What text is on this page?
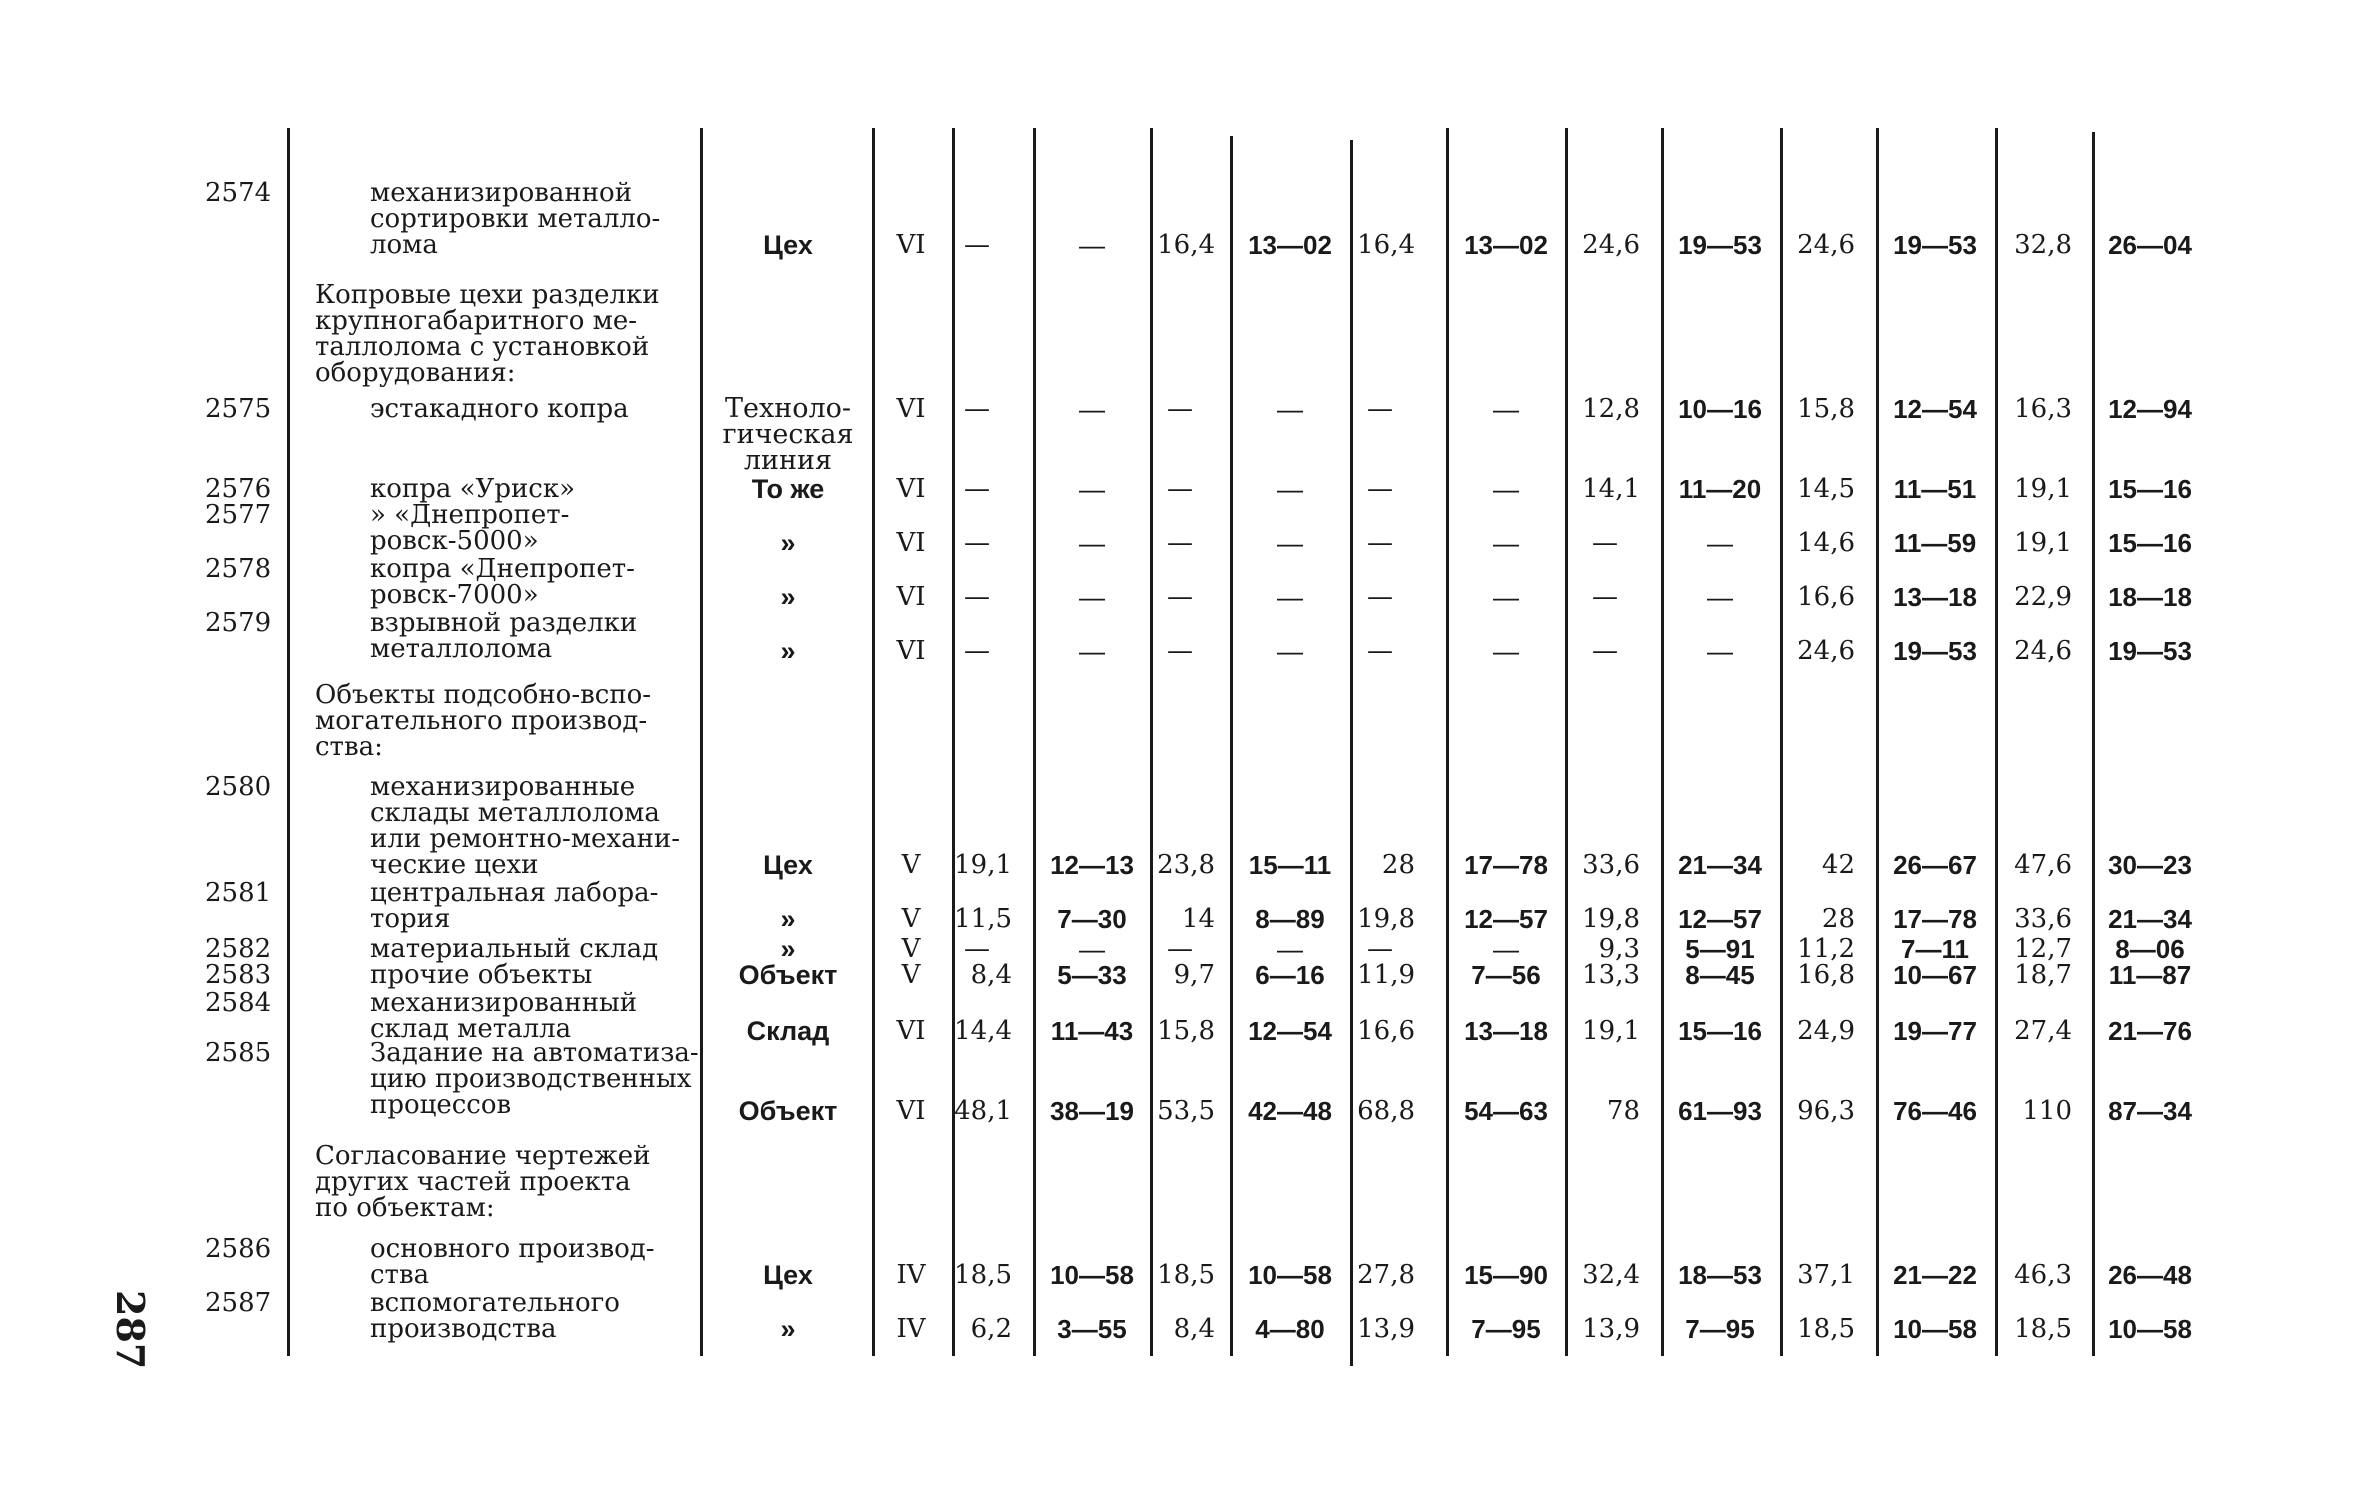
287
2574	механизированной
сортировки металло-
лома	Цех	VI	—	—	16,4	13—02 16,4	13—02	24,6	19—53	24,6	19—53	32,8	26—04
Копровые цехи разделки
крупногабаритного ме-
таллолома с установкой
оборудования:
2575	эстакадного копра	Техноло-
гическая
линия
VI	—	—	—	—	—	—	12,8	10—16	15,8	12—54	16,3	12—94
2576	копра «Уриск»	То же	VI	—	—	—	—	—	—	14,1	11—20	14,5	11—51	19,1	15—16
2577	» «Днепропет-
ровск-5000»	»	VI	—	—	—	—	—	—	—	—	14,6	11—59	19,1	15—16
2578	копра «Днепропет-
ровск-7000»	»	VI	—	—	—	—	—	—	—	—	16,6	13—18	22,9	18—18
2579	взрывной разделки
металлолома	»	VI	—	—	—	—	—	—	—	—	24,6	19—53	24,6	19—53
Объекты подсобно-вспо-
могательного производ-
ства:
2580	механизированные
склады металлолома
или ремонтно-механи-
ческие цехи	Цех	V	19,1	12—13 23,8	15—11	28	17—78	33,6	21—34	42	26—67	47,6	30—23
2581	центральная лабора-
тория	»	V	11,5	7—30	14	8—89	19,8	12—57	19,8	12—57	28	17—78	33,6	21—34
2582	материальный склад	»	V	—	—	—	—	—	—	9,3	5—91	11,2	7—11	12,7	8—06
2583	прочие объекты	Объект	V	8,4	5—33	9,7	6—16	11,9	7—56	13,3	8—45	16,8	10—67	18,7	11—87
2584	механизированный
склад металла	Склад	VI	14,4	11—43 15,8	12—54 16,6	13—18	19,1	15—16	24,9	19—77	27,4	21—76
2585	Задание на автоматиза-
цию производственных
процессов	Объект	VI	48,1	38—19 53,5	42—48 68,8	54—63	78	61—93	96,3	76—46	110	87—34
Согласование чертежей
других частей проекта
по объектам:
2586	основного производ-
ства	Цех	IV	18,5	10—58 18,5	10—58 27,8	15—90	32,4	18—53	37,1	21—22	46,3	26—48
2587	вспомогательного
производства	»	IV	6,2	3—55	8,4	4—80	13,9	7—95	13,9	7—95	18,5	10—58	18,5	10—58
